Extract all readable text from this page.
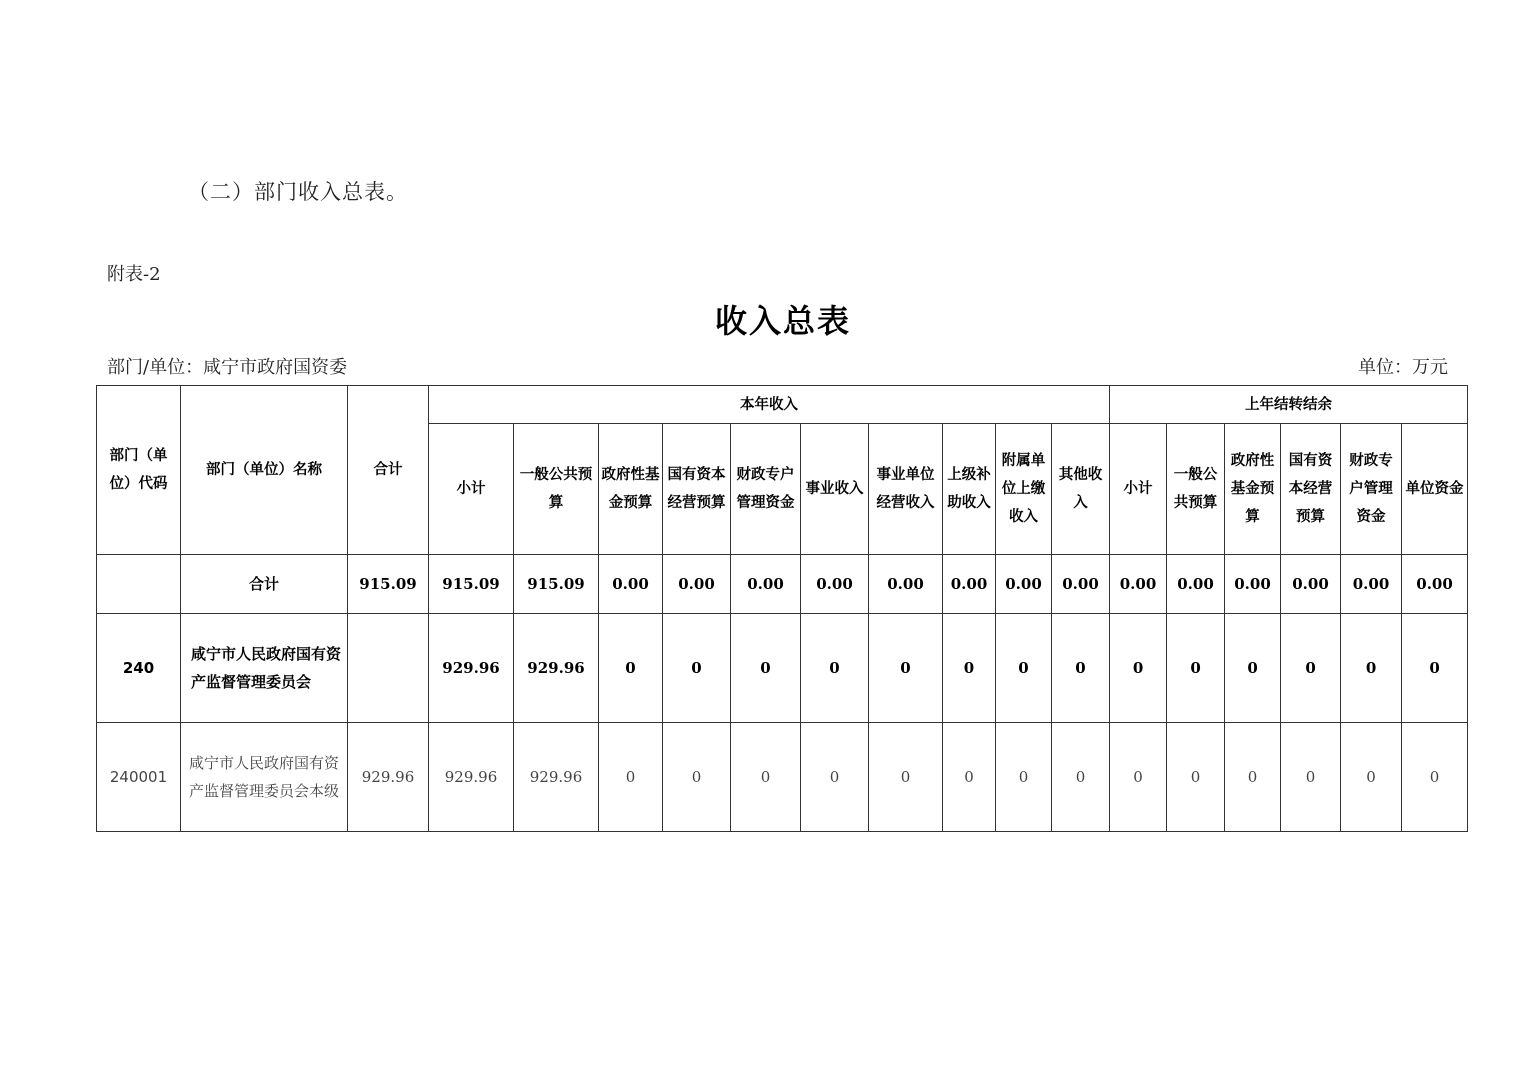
（二）部门收入总表。
附表-2
收入总表
部门/单位：咸宁市政府国资委	单位：万元
部门（单位）代码	部门（单位）名称	合计	本年收入										上年结转结余					
			小计	一般公共预算	政府性基金预算	国有资本经营预算	财政专户管理资金	事业收入	事业单位经营收入	上级补助收入	附属单位上缴收入	其他收入	小计	一般公共预算	政府性基金预算	国有资本经营预算	财政专户管理资金	单位资金
	合计	915.09	915.09	915.09	0.00	0.00	0.00	0.00	0.00	0.00	0.00	0.00	0.00	0.00	0.00	0.00	0.00	0.00
240	咸宁市人民政府国有资产监督管理委员会		929.96	929.96	0	0	0	0	0	0	0	0	0	0	0	0	0	0
240001	咸宁市人民政府国有资产监督管理委员会本级	929.96	929.96	929.96	0	0	0	0	0	0	0	0	0	0	0	0	0	0
